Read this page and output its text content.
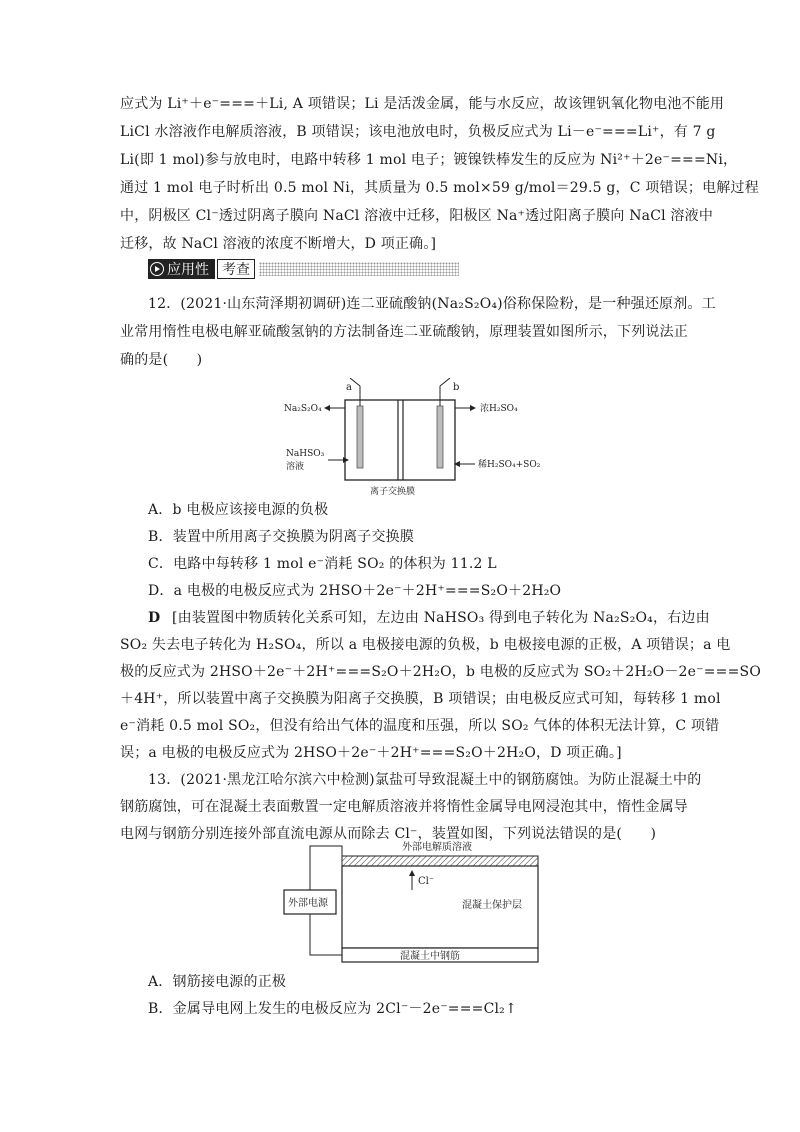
应式为 Li⁺＋e⁻===＋Li, A 项错误；Li 是活泼金属，能与水反应，故该锂钒氧化物电池不能用
LiCl 水溶液作电解质溶液，B 项错误；该电池放电时，负极反应式为 Li－e⁻===Li⁺，有 7 g
Li(即 1 mol)参与放电时，电路中转移 1 mol 电子；镀镍铁棒发生的反应为 Ni²⁺＋2e⁻===Ni，
通过 1 mol 电子时析出 0.5 mol Ni，其质量为 0.5 mol×59 g/mol＝29.5 g，C 项错误；电解过程
中，阴极区 Cl⁻透过阴离子膜向 NaCl 溶液中迁移，阳极区 Na⁺透过阳离子膜向 NaCl 溶液中
迁移，故 NaCl 溶液的浓度不断增大，D 项正确。]
应用性 考查
12．(2021·山东菏泽期初调研)连二亚硫酸钠(Na₂S₂O₄)俗称保险粉，是一种强还原剂。工
业常用惰性电极电解亚硫酸氢钠的方法制备连二亚硫酸钠，原理装置如图所示，下列说法正
确的是(　　)
a	b
Na₂S₂O₄
NaHSO₃
溶液
浓H₂SO₄
稀H₂SO₄+SO₂
离子交换膜
A．b 电极应该接电源的负极
B．装置中所用离子交换膜为阴离子交换膜
C．电路中每转移 1 mol e⁻消耗 SO₂ 的体积为 11.2 L
D．a 电极的电极反应式为 2HSO＋2e⁻＋2H⁺===S₂O＋2H₂O
D [由装置图中物质转化关系可知，左边由 NaHSO₃ 得到电子转化为 Na₂S₂O₄，右边由
SO₂ 失去电子转化为 H₂SO₄，所以 a 电极接电源的负极，b 电极接电源的正极，A 项错误；a 电
极的反应式为 2HSO＋2e⁻＋2H⁺===S₂O＋2H₂O，b 电极的反应式为 SO₂＋2H₂O－2e⁻===SO
＋4H⁺，所以装置中离子交换膜为阳离子交换膜，B 项错误；由电极反应式可知，每转移 1 mol
e⁻消耗 0.5 mol SO₂，但没有给出气体的温度和压强，所以 SO₂ 气体的体积无法计算，C 项错
误；a 电极的电极反应式为 2HSO＋2e⁻＋2H⁺===S₂O＋2H₂O，D 项正确。]
13．(2021·黑龙江哈尔滨六中检测)氯盐可导致混凝土中的钢筋腐蚀。为防止混凝土中的
钢筋腐蚀，可在混凝土表面敷置一定电解质溶液并将惰性金属导电网浸泡其中，惰性金属导
电网与钢筋分别连接外部直流电源从而除去 Cl⁻，装置如图，下列说法错误的是(　　)
外部电解质溶液
混凝土中钢筋
Cl⁻
混凝土保护层
外部电源
A．钢筋接电源的正极
B．金属导电网上发生的电极反应为 2Cl⁻－2e⁻===Cl₂↑
